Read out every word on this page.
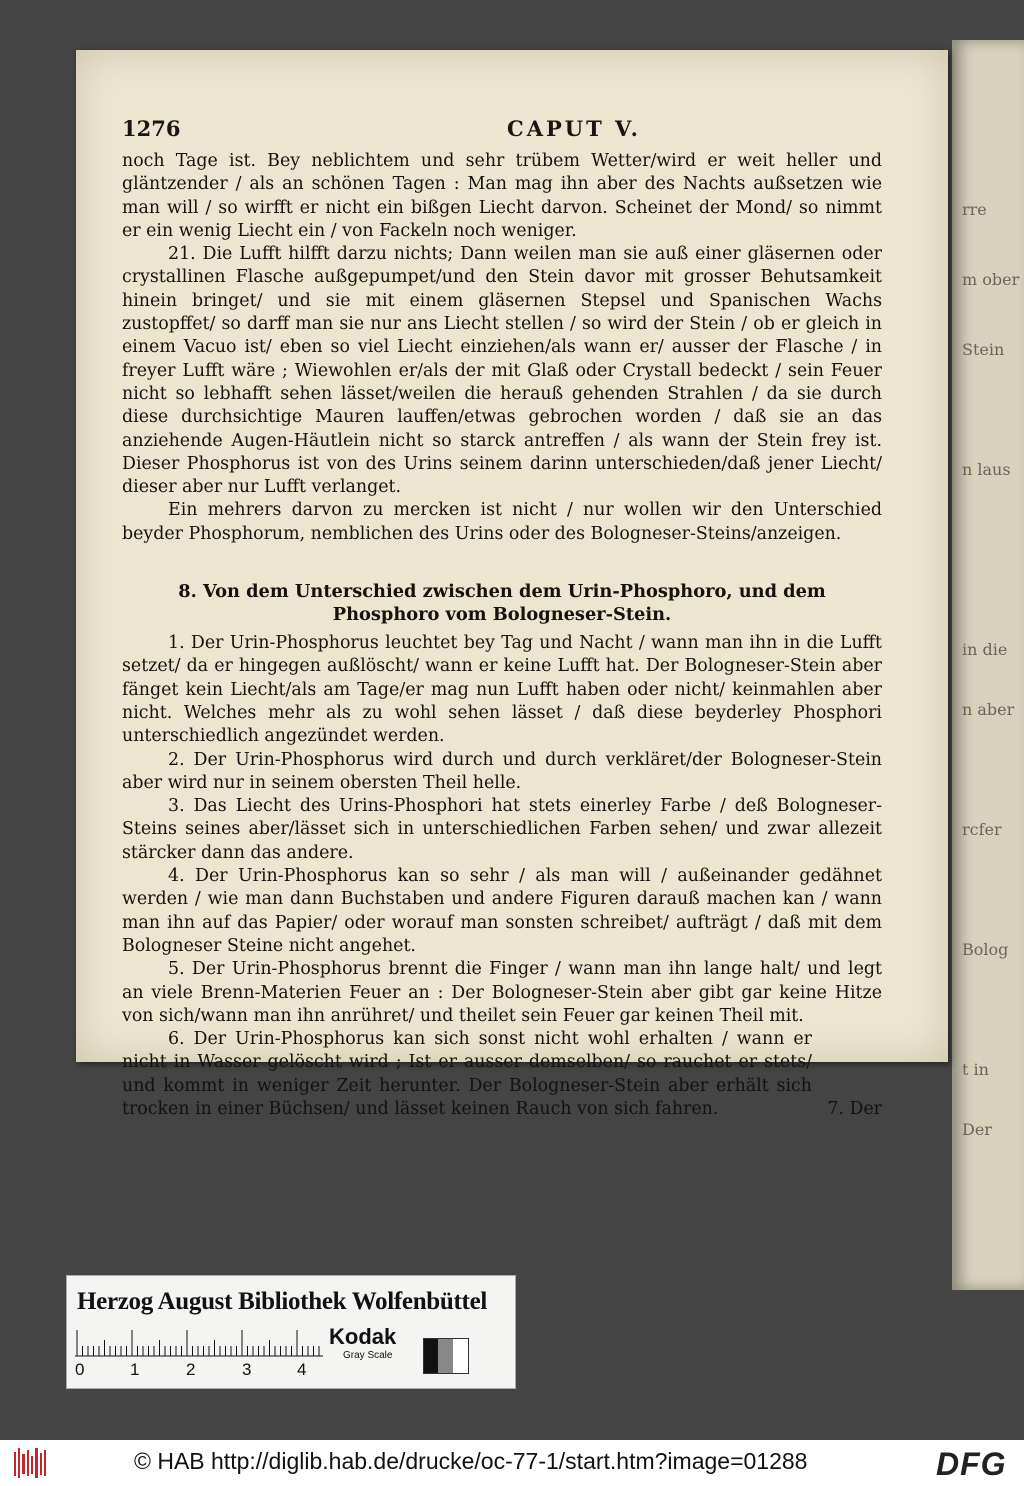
rre
m ober
Stein
n laus
in die
n aber
rcfer
Bolog
t in
Der
1276	CAPUT V.

noch Tage ist. Bey neblichtem und sehr trübem Wetter/wird er weit heller und gläntzender / als an schönen Tagen : Man mag ihn aber des Nachts außsetzen wie man will / so wirfft er nicht ein bißgen Liecht darvon. Scheinet der Mond/ so nimmt er ein wenig Liecht ein / von Fackeln noch weniger.

21. Die Lufft hilfft darzu nichts; Dann weilen man sie auß einer gläsernen oder crystallinen Flasche außgepumpet/und den Stein davor mit grosser Behutsamkeit hinein bringet/ und sie mit einem gläsernen Stepsel und Spanischen Wachs zustopffet/ so darff man sie nur ans Liecht stellen / so wird der Stein / ob er gleich in einem Vacuo ist/ eben so viel Liecht einziehen/als wann er/ ausser der Flasche / in freyer Lufft wäre ; Wiewohlen er/als der mit Glaß oder Crystall bedeckt / sein Feuer nicht so lebhafft sehen lässet/weilen die herauß gehenden Strahlen / da sie durch diese durchsichtige Mauren lauffen/etwas gebrochen worden / daß sie an das anziehende Augen-Häutlein nicht so starck antreffen / als wann der Stein frey ist. Dieser Phosphorus ist von des Urins seinem darinn unterschieden/daß jener Liecht/ dieser aber nur Lufft verlanget.

Ein mehrers darvon zu mercken ist nicht / nur wollen wir den Unterschied beyder Phosphorum, nemblichen des Urins oder des Bologneser-Steins/anzeigen.

8. Von dem Unterschied zwischen dem Urin-Phosphoro, und dem
Phosphoro vom Bologneser-Stein.

1. Der Urin-Phosphorus leuchtet bey Tag und Nacht / wann man ihn in die Lufft setzet/ da er hingegen außlöscht/ wann er keine Lufft hat. Der Bologneser-Stein aber fänget kein Liecht/als am Tage/er mag nun Lufft haben oder nicht/ keinmahlen aber nicht. Welches mehr als zu wohl sehen lässet / daß diese beyderley Phosphori unterschiedlich angezündet werden.

2. Der Urin-Phosphorus wird durch und durch verkläret/der Bologneser-Stein aber wird nur in seinem obersten Theil helle.

3. Das Liecht des Urins-Phosphori hat stets einerley Farbe / deß Bologneser-Steins seines aber/lässet sich in unterschiedlichen Farben sehen/ und zwar allezeit stärcker dann das andere.

4. Der Urin-Phosphorus kan so sehr / als man will / außeinander gedähnet werden / wie man dann Buchstaben und andere Figuren darauß machen kan / wann man ihn auf das Papier/ oder worauf man sonsten schreibet/ aufträgt / daß mit dem Bologneser Steine nicht angehet.

5. Der Urin-Phosphorus brennt die Finger / wann man ihn lange halt/ und legt an viele Brenn-Materien Feuer an : Der Bologneser-Stein aber gibt gar keine Hitze von sich/wann man ihn anrühret/ und theilet sein Feuer gar keinen Theil mit.

6. Der Urin-Phosphorus kan sich sonst nicht wohl erhalten / wann er nicht in Wasser gelöscht wird ; Ist er ausser demselben/ so rauchet er stets/ und kommt in weniger Zeit herunter. Der Bologneser-Stein aber erhält sich trocken in einer Büchsen/ und lässet keinen Rauch von sich fahren.	7. Der
Herzog August Bibliothek Wolfenbüttel
0	1	2	3	4
Kodak
Gray Scale
© HAB http://diglib.hab.de/drucke/oc-77-1/start.htm?image=01288	DFG
